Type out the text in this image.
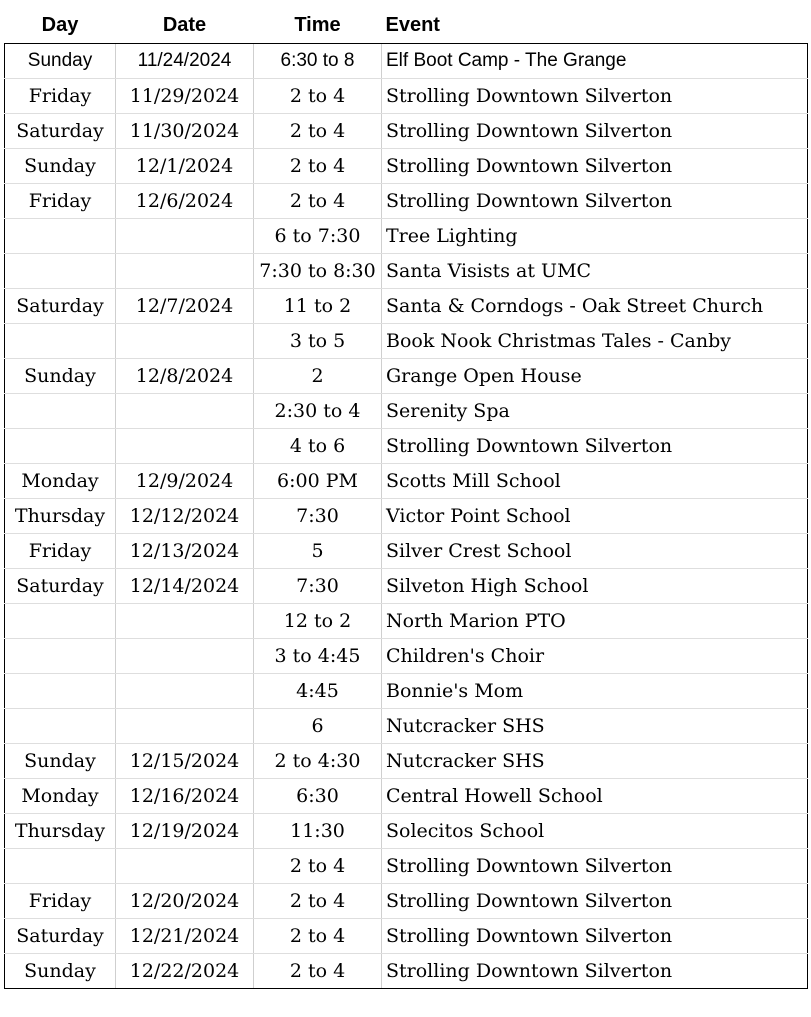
Day	Date	Time	Event
Sunday	11/24/2024	6:30 to 8	Elf Boot Camp - The Grange
Friday	11/29/2024	2 to 4	Strolling Downtown Silverton
Saturday	11/30/2024	2 to 4	Strolling Downtown Silverton
Sunday	12/1/2024	2 to 4	Strolling Downtown Silverton
Friday	12/6/2024	2 to 4	Strolling Downtown Silverton
		6 to 7:30	Tree Lighting
		7:30 to 8:30	Santa Visists at UMC
Saturday	12/7/2024	11 to 2	Santa & Corndogs - Oak Street Church
		3 to 5	Book Nook Christmas Tales - Canby
Sunday	12/8/2024	2	Grange Open House
		2:30 to 4	Serenity Spa
		4 to 6	Strolling Downtown Silverton
Monday	12/9/2024	6:00 PM	Scotts Mill School
Thursday	12/12/2024	7:30	Victor Point School
Friday	12/13/2024	5	Silver Crest School
Saturday	12/14/2024	7:30	Silveton High School
		12 to 2	North Marion PTO
		3 to 4:45	Children's Choir
		4:45	Bonnie's Mom
		6	Nutcracker SHS
Sunday	12/15/2024	2 to 4:30	Nutcracker SHS
Monday	12/16/2024	6:30	Central Howell School
Thursday	12/19/2024	11:30	Solecitos School
		2 to 4	Strolling Downtown Silverton
Friday	12/20/2024	2 to 4	Strolling Downtown Silverton
Saturday	12/21/2024	2 to 4	Strolling Downtown Silverton
Sunday	12/22/2024	2 to 4	Strolling Downtown Silverton
